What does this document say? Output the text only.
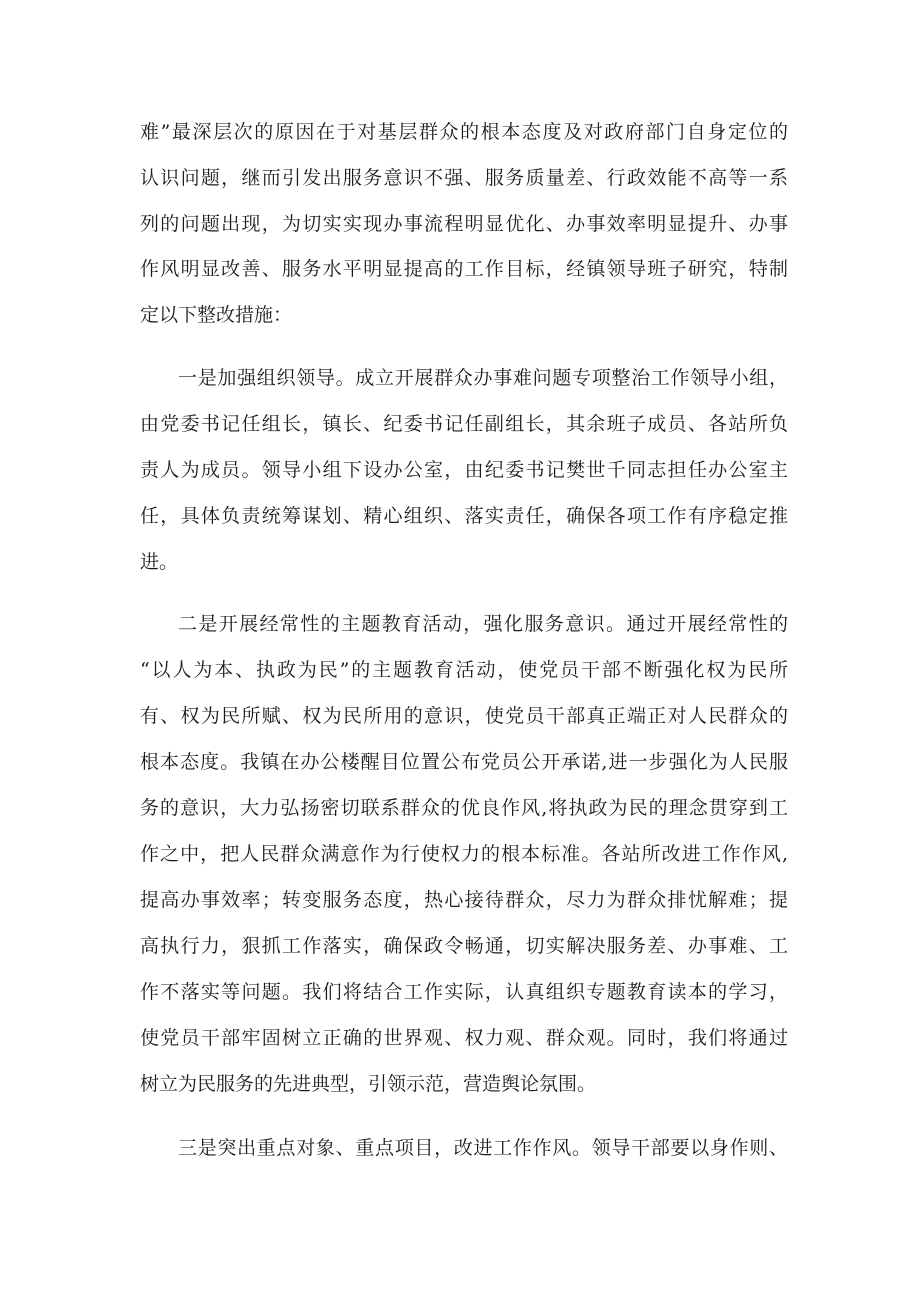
难”最深层次的原因在于对基层群众的根本态度及对政府部门自身定位的
认识问题，继而引发出服务意识不强、服务质量差、行政效能不高等一系
列的问题出现，为切实实现办事流程明显优化、办事效率明显提升、办事
作风明显改善、服务水平明显提高的工作目标，经镇领导班子研究，特制
定以下整改措施：
一是加强组织领导。成立开展群众办事难问题专项整治工作领导小组，
由党委书记任组长，镇长、纪委书记任副组长，其余班子成员、各站所负
责人为成员。领导小组下设办公室，由纪委书记樊世千同志担任办公室主
任，具体负责统筹谋划、精心组织、落实责任，确保各项工作有序稳定推
进。
二是开展经常性的主题教育活动，强化服务意识。通过开展经常性的
“以人为本、执政为民”的主题教育活动，使党员干部不断强化权为民所
有、权为民所赋、权为民所用的意识，使党员干部真正端正对人民群众的
根本态度。我镇在办公楼醒目位置公布党员公开承诺,进一步强化为人民服
务的意识，大力弘扬密切联系群众的优良作风,将执政为民的理念贯穿到工
作之中，把人民群众满意作为行使权力的根本标准。各站所改进工作作风,
提高办事效率；转变服务态度，热心接待群众，尽力为群众排忧解难；提
高执行力，狠抓工作落实，确保政令畅通，切实解决服务差、办事难、工
作不落实等问题。我们将结合工作实际，认真组织专题教育读本的学习，
使党员干部牢固树立正确的世界观、权力观、群众观。同时，我们将通过
树立为民服务的先进典型，引领示范，营造舆论氛围。
三是突出重点对象、重点项目，改进工作作风。领导干部要以身作则、
